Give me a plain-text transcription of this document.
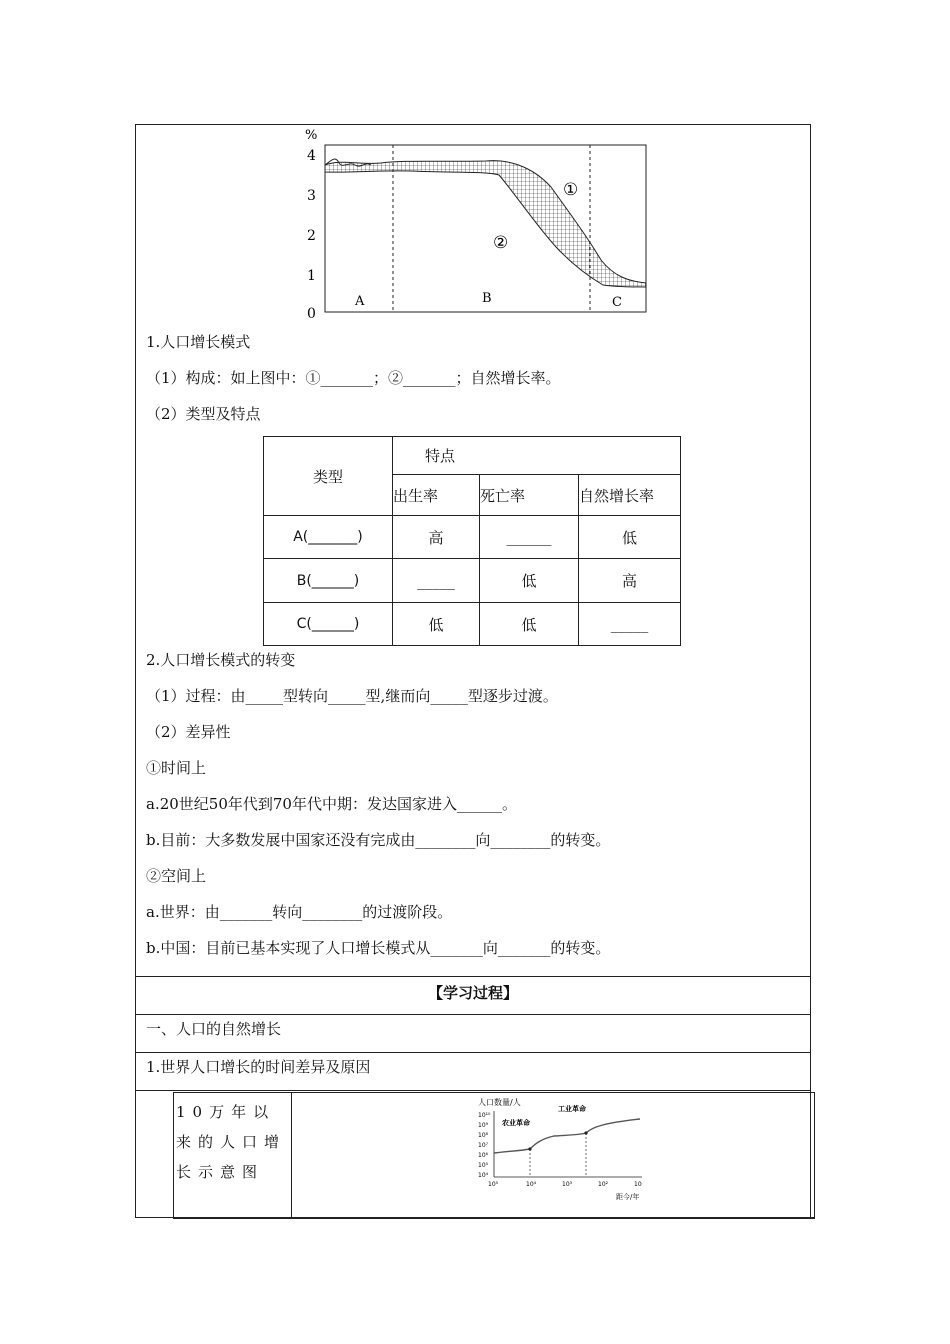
%
4
3
2
1
0
A	B	C
①
②
1.人口增长模式
（1）构成：如上图中：①_______；②_______；自然增长率。
（2）类型及特点
类型	特点		
	出生率	死亡率	自然增长率
A(_______)	高	______	低
B(______)	_____	低	高
C(______)	低	低	_____
2.人口增长模式的转变
（1）过程：由_____型转向_____型,继而向_____型逐步过渡。
（2）差异性
①时间上
a.20世纪50年代到70年代中期：发达国家进入______。
b.目前：大多数发展中国家还没有完成由________向________的转变。
②空间上
a.世界：由_______转向________的过渡阶段。
b.中国：目前已基本实现了人口增长模式从_______向_______的转变。
【学习过程】
一、人口的自然增长
1.世界人口增长的时间差异及原因
10万年以来的人口增长示意图
人口数量/人
10¹⁰
10⁹
10⁸
10⁷
10⁶
10⁵
10⁴
10⁵	10⁴	10³	10²	10
距今/年
农业革命
工业革命
